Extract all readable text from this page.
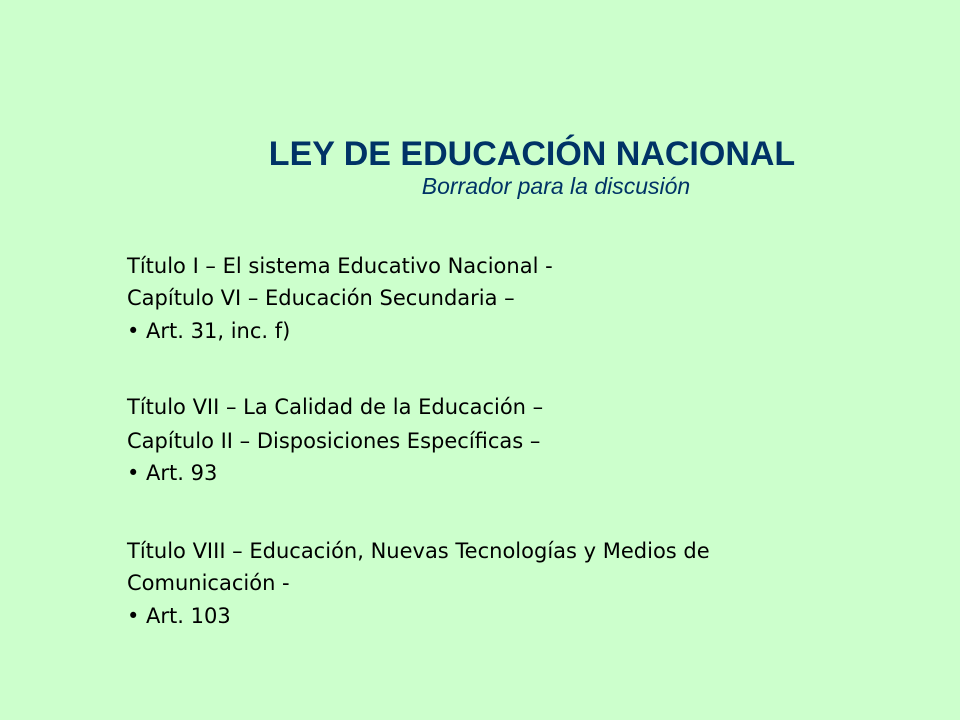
LEY DE EDUCACIÓN NACIONAL
Borrador para la discusión
Título I – El sistema Educativo Nacional -
Capítulo VI – Educación Secundaria –
• Art. 31, inc. f)
Título VII – La Calidad de la Educación –
Capítulo II – Disposiciones Específicas –
• Art. 93
Título VIII – Educación, Nuevas Tecnologías y Medios de
Comunicación -
• Art. 103
